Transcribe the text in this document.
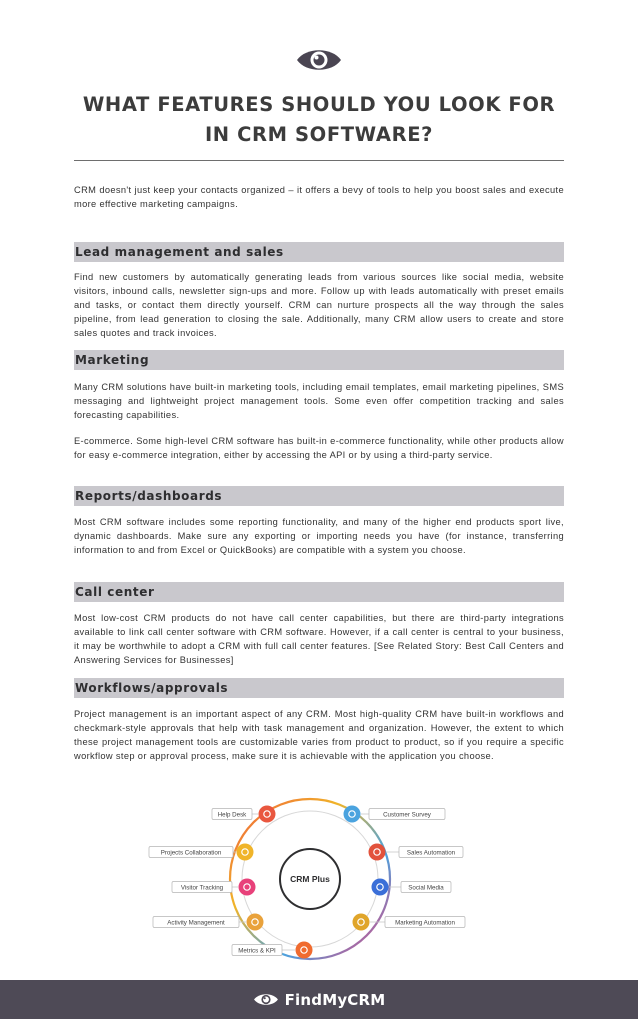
WHAT FEATURES SHOULD YOU LOOK FOR
IN CRM SOFTWARE?

CRM doesn't just keep your contacts organized – it offers a bevy of tools to help you boost sales and execute more effective marketing campaigns.

Lead management and sales

Find new customers by automatically generating leads from various sources like social media, website visitors, inbound calls, newsletter sign-ups and more. Follow up with leads automatically with preset emails and tasks, or contact them directly yourself. CRM can nurture prospects all the way through the sales pipeline, from lead generation to closing the sale. Additionally, many CRM allow users to create and store sales quotes and track invoices.

Marketing

Many CRM solutions have built-in marketing tools, including email templates, email marketing pipelines, SMS messaging and lightweight project management tools. Some even offer competition tracking and sales forecasting capabilities.

E-commerce. Some high-level CRM software has built-in e-commerce functionality, while other products allow for easy e-commerce integration, either by accessing the API or by using a third-party service.

Reports/dashboards

Most CRM software includes some reporting functionality, and many of the higher end products sport live, dynamic dashboards. Make sure any exporting or importing needs you have (for instance, transferring information to and from Excel or QuickBooks) are compatible with a system you choose.

Call center

Most low-cost CRM products do not have call center capabilities, but there are third-party integrations available to link call center software with CRM software. However, if a call center is central to your business, it may be worthwhile to adopt a CRM with full call center features. [See Related Story: Best Call Centers and Answering Services for Businesses]

Workflows/approvals

Project management is an important aspect of any CRM. Most high-quality CRM have built-in workflows and checkmark-style approvals that help with task management and organization. However, the extent to which these project management tools are customizable varies from product to product, so if you require a specific workflow step or approval process, make sure it is achievable with the application you choose.

CRM Plus
Help Desk	Customer Survey
Projects Collaboration	Sales Automation
Visitor Tracking	Social Media
Activity Management	Marketing Automation
Metrics & KPI
FindMyCRM
